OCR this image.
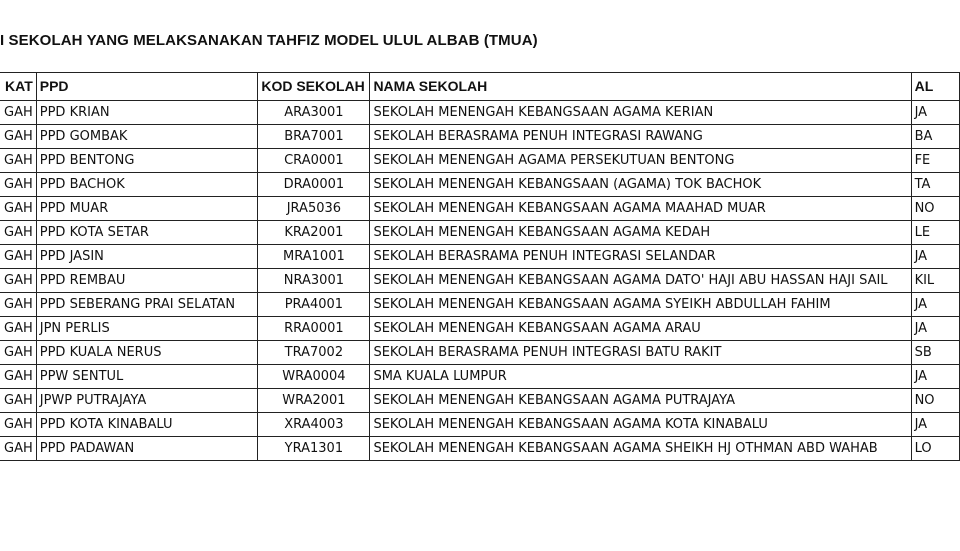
I SEKOLAH YANG MELAKSANAKAN TAHFIZ MODEL ULUL ALBAB (TMUA)
KAT	PPD	KOD SEKOLAH	NAMA SEKOLAH	AL
GAH	PPD KRIAN	ARA3001	SEKOLAH MENENGAH KEBANGSAAN AGAMA KERIAN	JA
GAH	PPD GOMBAK	BRA7001	SEKOLAH BERASRAMA PENUH INTEGRASI RAWANG	BA
GAH	PPD BENTONG	CRA0001	SEKOLAH MENENGAH AGAMA PERSEKUTUAN BENTONG	FE
GAH	PPD BACHOK	DRA0001	SEKOLAH MENENGAH KEBANGSAAN (AGAMA) TOK BACHOK	TA
GAH	PPD MUAR	JRA5036	SEKOLAH MENENGAH KEBANGSAAN AGAMA MAAHAD MUAR	NO
GAH	PPD KOTA SETAR	KRA2001	SEKOLAH MENENGAH KEBANGSAAN AGAMA KEDAH	LE
GAH	PPD JASIN	MRA1001	SEKOLAH BERASRAMA PENUH INTEGRASI SELANDAR	JA
GAH	PPD REMBAU	NRA3001	SEKOLAH MENENGAH KEBANGSAAN AGAMA DATO' HAJI ABU HASSAN HAJI SAIL	KIL
GAH	PPD SEBERANG PRAI SELATAN	PRA4001	SEKOLAH MENENGAH KEBANGSAAN AGAMA SYEIKH ABDULLAH FAHIM	JA
GAH	JPN PERLIS	RRA0001	SEKOLAH MENENGAH KEBANGSAAN AGAMA ARAU	JA
GAH	PPD KUALA NERUS	TRA7002	SEKOLAH BERASRAMA PENUH INTEGRASI BATU RAKIT	SB
GAH	PPW SENTUL	WRA0004	SMA KUALA LUMPUR	JA
GAH	JPWP PUTRAJAYA	WRA2001	SEKOLAH MENENGAH KEBANGSAAN AGAMA PUTRAJAYA	NO
GAH	PPD KOTA KINABALU	XRA4003	SEKOLAH MENENGAH KEBANGSAAN AGAMA KOTA KINABALU	JA
GAH	PPD PADAWAN	YRA1301	SEKOLAH MENENGAH KEBANGSAAN AGAMA SHEIKH HJ OTHMAN ABD WAHAB	LO
